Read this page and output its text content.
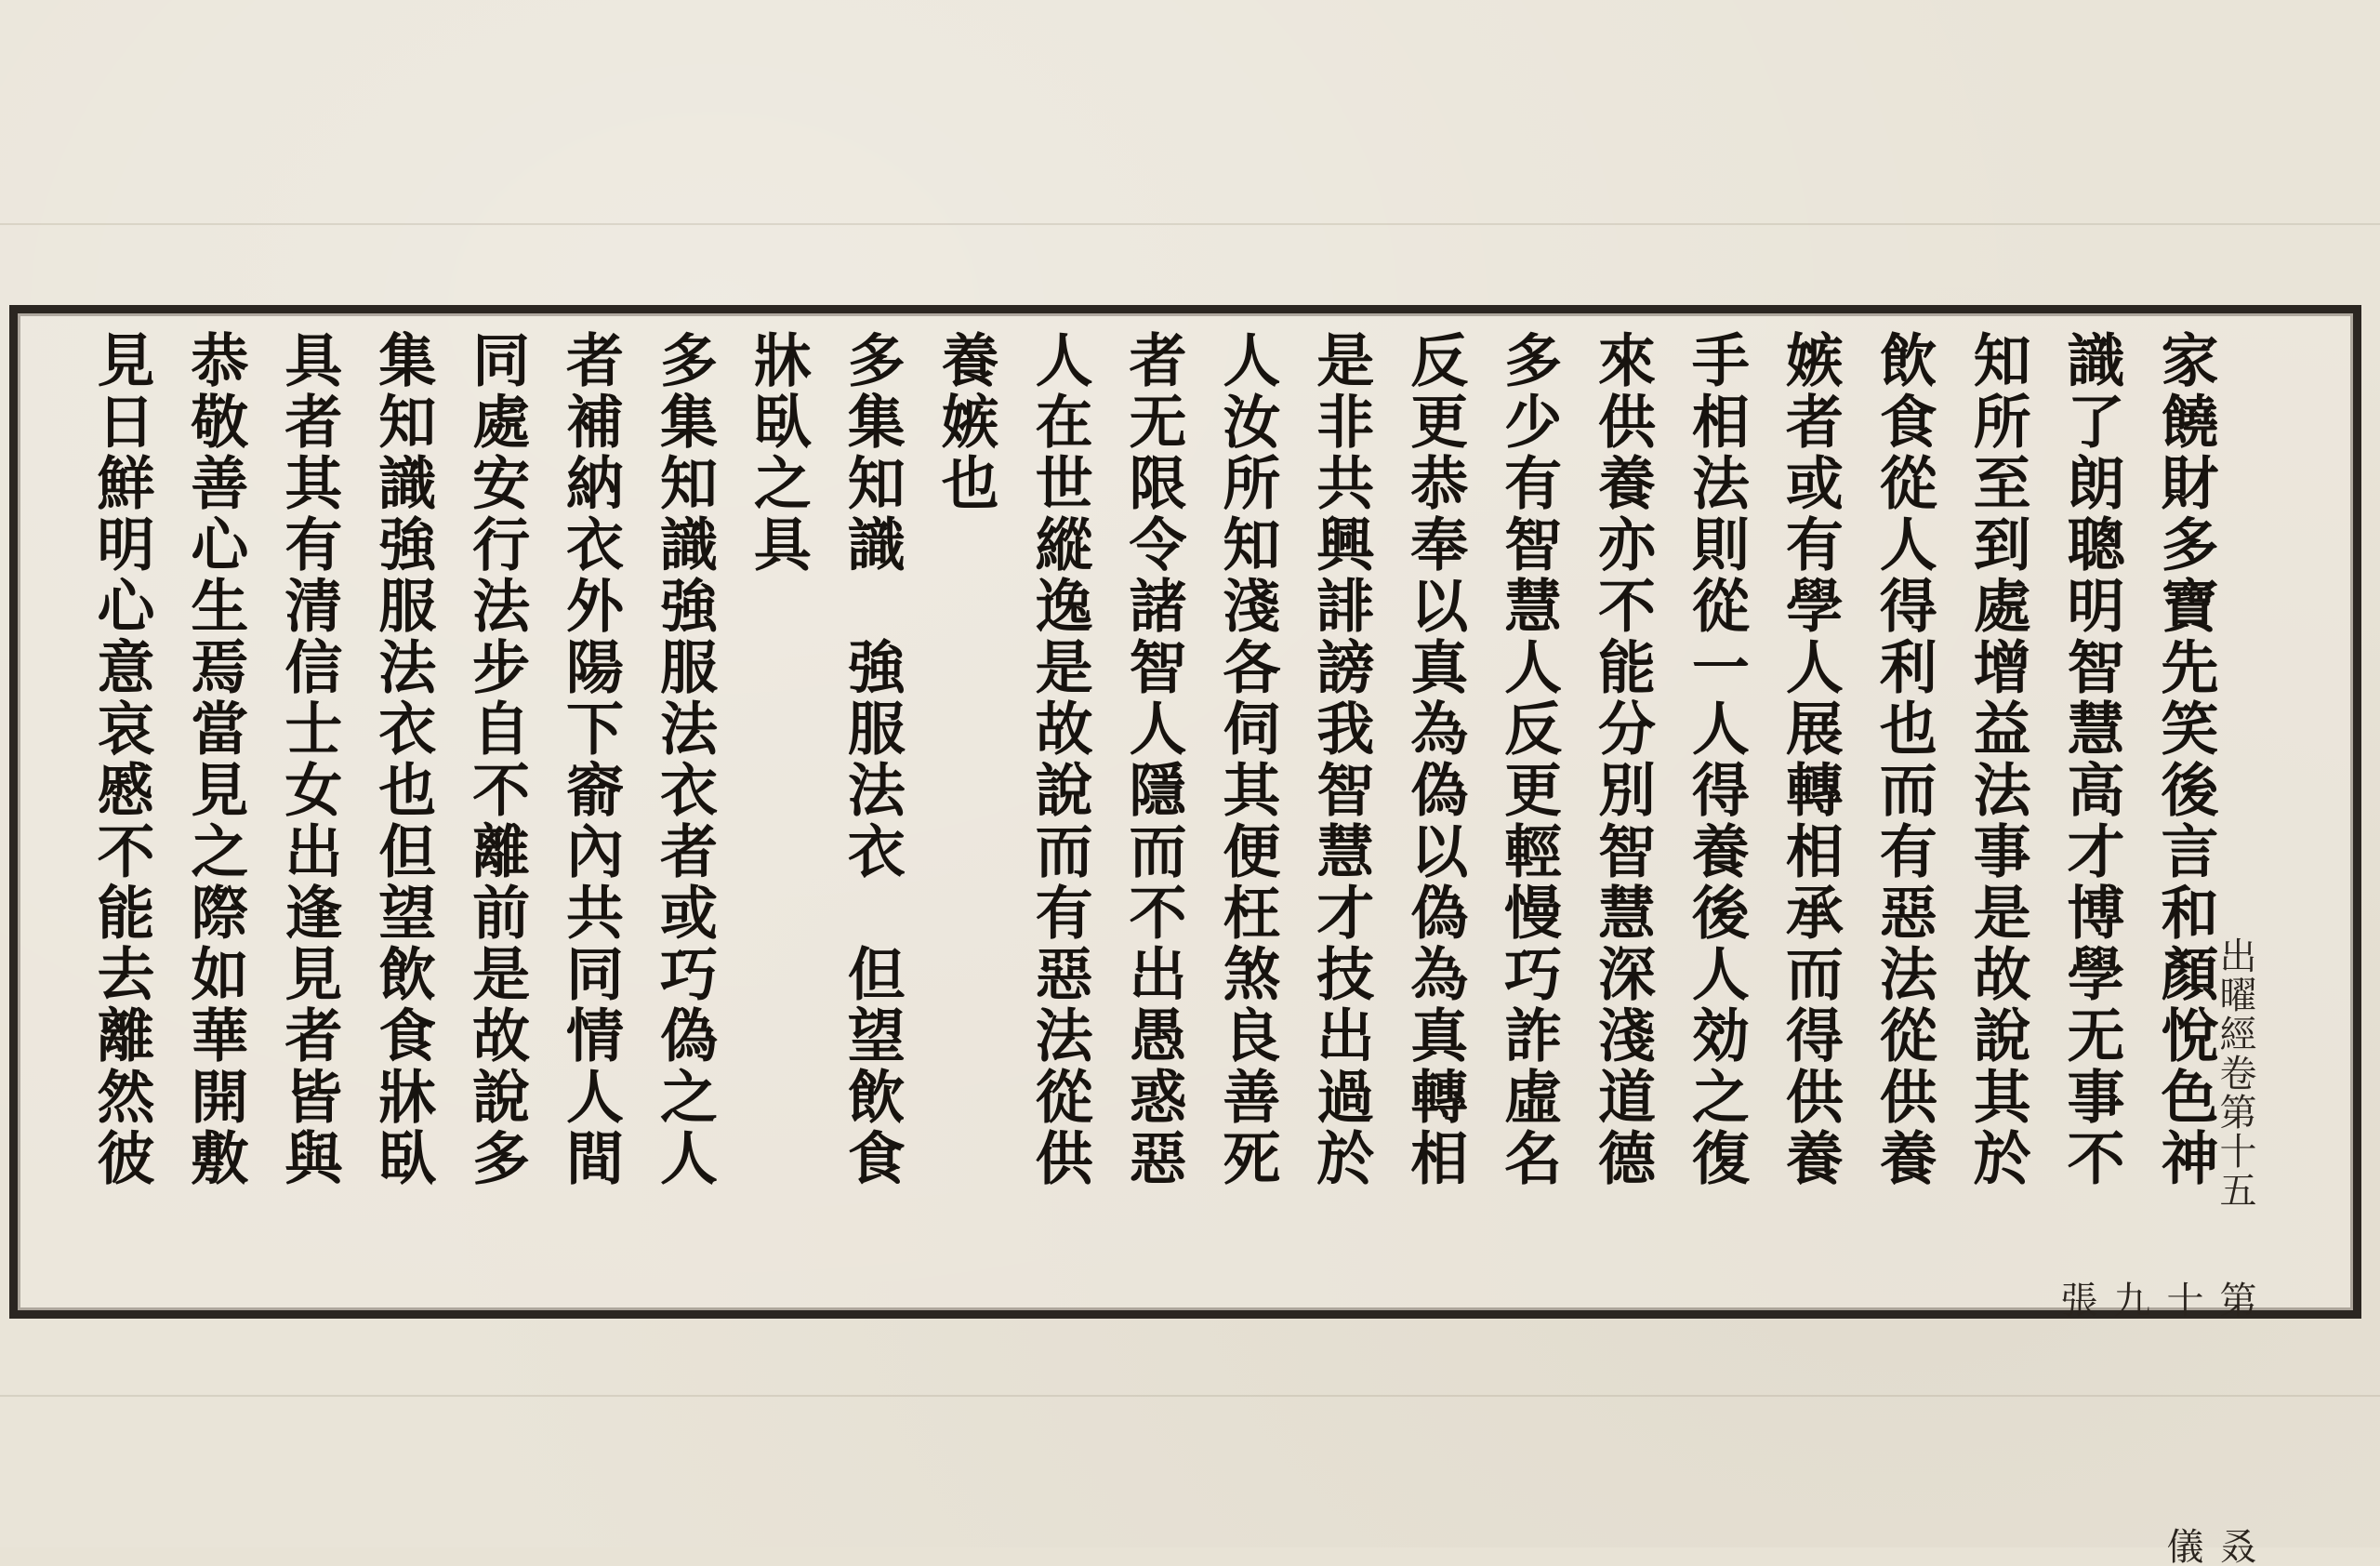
家饒財多寶先笑後言和顏悅色神
識了朗聰明智慧高才博學无事不
知所至到處增益法事是故說其於
飲食從人得利也而有惡法從供養
嫉者或有學人展轉相承而得供養
手相法則從一人得養後人効之復
來供養亦不能分別智慧深淺道德
多少有智慧人反更輕慢巧詐虛名
反更恭奉以真為偽以偽為真轉相
是非共興誹謗我智慧才技出過於
人汝所知淺各伺其便枉煞良善死
者无限令諸智人隱而不出愚惑惡
人在世縱逸是故說而有惡法從供
養嫉也
多集知識　強服法衣　但望飲食
牀臥之具
多集知識強服法衣者或巧偽之人
者補納衣外陽下窬內共同情人間
同處安行法步自不離前是故說多
集知識強服法衣也但望飲食牀臥
具者其有清信士女出逢見者皆與
恭敬善心生焉當見之際如華開敷
見日鮮明心意哀慼不能去離然彼	出曜經卷第十五
第十九張
叒儀
